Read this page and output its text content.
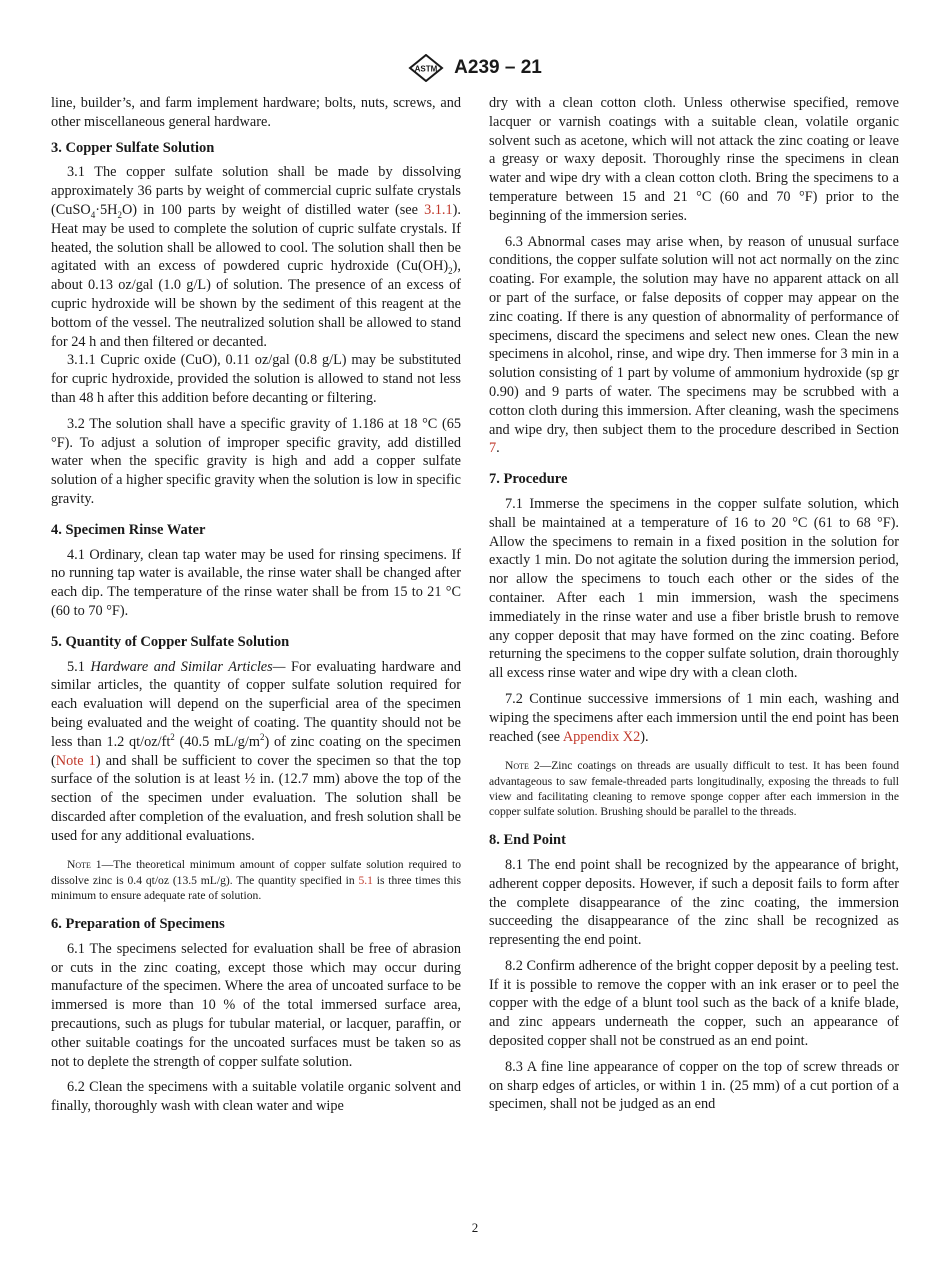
ASTM A239 – 21

line, builder’s, and farm implement hardware; bolts, nuts, screws, and other miscellaneous general hardware.

3. Copper Sulfate Solution

3.1 The copper sulfate solution shall be made by dissolving approximately 36 parts by weight of commercial cupric sulfate crystals $(CuSO_4\cdot 5H_2O)$ in 100 parts by weight of distilled water (see 3.1.1). Heat may be used to complete the solution of cupric sulfate crystals. If heated, the solution shall be allowed to cool. The solution shall then be agitated with an excess of powdered cupric hydroxide $(Cu(OH)_2)$, about 0.13 oz/gal (1.0 g/L) of solution. The presence of an excess of cupric hydroxide will be shown by the sediment of this reagent at the bottom of the vessel. The neutralized solution shall be allowed to stand for 24 h and then filtered or decanted.

3.1.1 Cupric oxide (CuO), 0.11 oz/gal (0.8 g/L) may be substituted for cupric hydroxide, provided the solution is allowed to stand not less than 48 h after this addition before decanting or filtering.

3.2 The solution shall have a specific gravity of 1.186 at 18 °C (65 °F). To adjust a solution of improper specific gravity, add distilled water when the specific gravity is high and add a copper sulfate solution of a higher specific gravity when the solution is low in specific gravity.

4. Specimen Rinse Water

4.1 Ordinary, clean tap water may be used for rinsing specimens. If no running tap water is available, the rinse water shall be changed after each dip. The temperature of the rinse water shall be from 15 to 21 °C (60 to 70 °F).

5. Quantity of Copper Sulfate Solution

5.1 Hardware and Similar Articles— For evaluating hardware and similar articles, the quantity of copper sulfate solution required for each evaluation will depend on the superficial area of the specimen being evaluated and the weight of coating. The quantity should not be less than 1.2 $qt/oz/ft^2$ (40.5 $mL/g/m^2$) of zinc coating on the specimen (Note 1) and shall be sufficient to cover the specimen so that the top surface of the solution is at least ½ in. (12.7 mm) above the top of the section of the specimen under evaluation. The solution shall be discarded after completion of the evaluation, and fresh solution shall be used for any additional evaluations.

Note 1—The theoretical minimum amount of copper sulfate solution required to dissolve zinc is 0.4 qt/oz (13.5 mL/g). The quantity specified in 5.1 is three times this minimum to ensure adequate rate of solution.

6. Preparation of Specimens

6.1 The specimens selected for evaluation shall be free of abrasion or cuts in the zinc coating, except those which may occur during manufacture of the specimen. Where the area of uncoated surface to be immersed is more than 10 % of the total immersed surface area, precautions, such as plugs for tubular material, or lacquer, paraffin, or other suitable coatings for the uncoated surfaces must be taken so as not to deplete the strength of copper sulfate solution.

6.2 Clean the specimens with a suitable volatile organic solvent and finally, thoroughly wash with clean water and wipe

dry with a clean cotton cloth. Unless otherwise specified, remove lacquer or varnish coatings with a suitable clean, volatile organic solvent such as acetone, which will not attack the zinc coating or leave a greasy or waxy deposit. Thoroughly rinse the specimens in clean water and wipe dry with a clean cotton cloth. Bring the specimens to a temperature between 15 and 21 °C (60 and 70 °F) prior to the beginning of the immersion series.

6.3 Abnormal cases may arise when, by reason of unusual surface conditions, the copper sulfate solution will not act normally on the zinc coating. For example, the solution may have no apparent attack on all or part of the surface, or false deposits of copper may appear on the zinc coating. If there is any question of abnormality of performance of specimens, discard the specimens and select new ones. Clean the new specimens in alcohol, rinse, and wipe dry. Then immerse for 3 min in a solution consisting of 1 part by volume of ammonium hydroxide (sp gr 0.90) and 9 parts of water. The specimens may be scrubbed with a cotton cloth during this immersion. After cleaning, wash the specimens and wipe dry, then subject them to the procedure described in Section 7.

7. Procedure

7.1 Immerse the specimens in the copper sulfate solution, which shall be maintained at a temperature of 16 to 20 °C (61 to 68 °F). Allow the specimens to remain in a fixed position in the solution for exactly 1 min. Do not agitate the solution during the immersion period, nor allow the specimens to touch each other or the sides of the container. After each 1 min immersion, wash the specimens immediately in the rinse water and use a fiber bristle brush to remove any copper deposit that may have formed on the zinc coating. Before returning the specimens to the copper sulfate solution, drain thoroughly all excess rinse water and wipe dry with a clean cloth.

7.2 Continue successive immersions of 1 min each, washing and wiping the specimens after each immersion until the end point has been reached (see Appendix X2).

Note 2—Zinc coatings on threads are usually difficult to test. It has been found advantageous to saw female-threaded parts longitudinally, exposing the threads to full view and facilitating cleaning to remove sponge copper after each immersion in the copper sulfate solution. Brushing should be parallel to the threads.

8. End Point

8.1 The end point shall be recognized by the appearance of bright, adherent copper deposits. However, if such a deposit fails to form after the complete disappearance of the zinc coating, the immersion succeeding the disappearance of the zinc shall be recognized as representing the end point.

8.2 Confirm adherence of the bright copper deposit by a peeling test. If it is possible to remove the copper with an ink eraser or to peel the copper with the edge of a blunt tool such as the back of a knife blade, and zinc appears underneath the copper, such an appearance of deposited copper shall not be construed as an end point.

8.3 A fine line appearance of copper on the top of screw threads or on sharp edges of articles, or within 1 in. (25 mm) of a cut portion of a specimen, shall not be judged as an end

2
